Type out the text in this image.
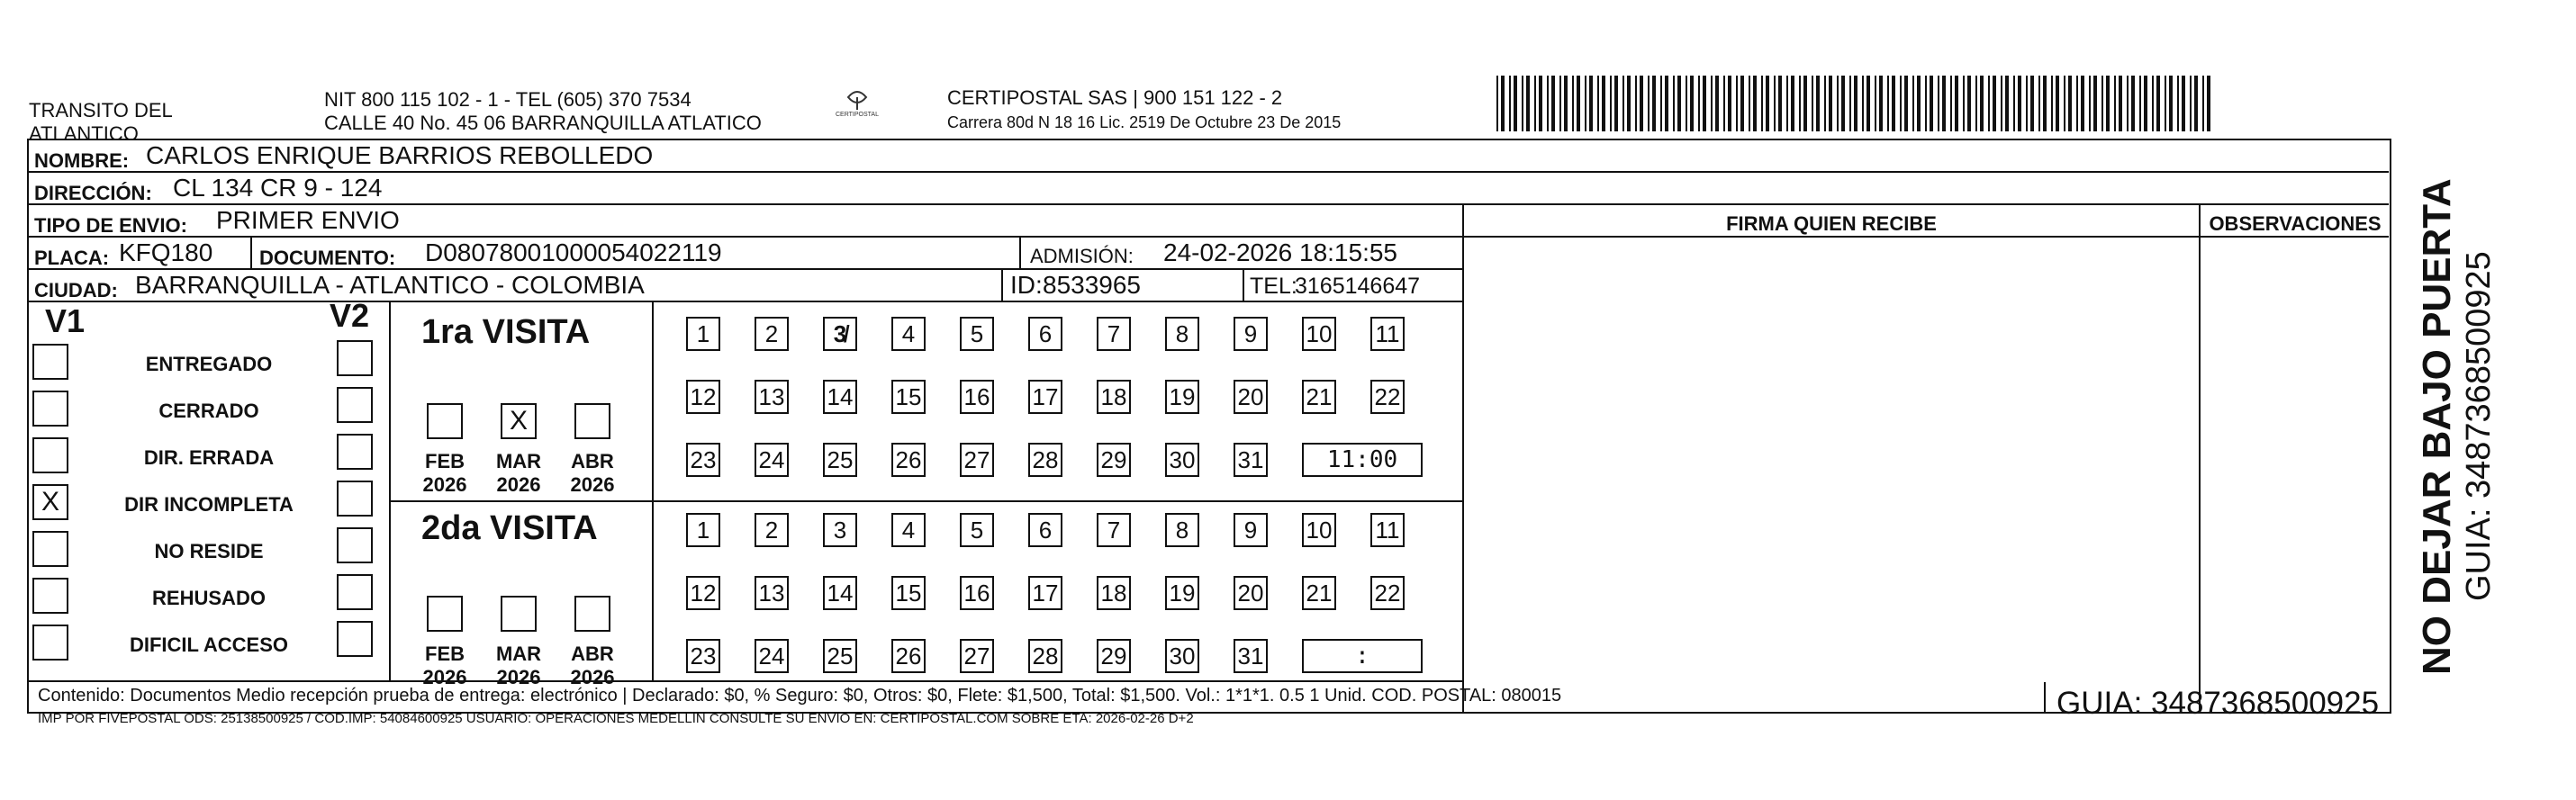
TRANSITO DEL
ATLANTICO
NIT 800 115 102 - 1 - TEL (605) 370 7534
CALLE 40 No. 45 06 BARRANQUILLA ATLATICO	CERTIPOSTAL
CERTIPOSTAL SAS | 900 151 122 - 2
Carrera 80d N 18 16 Lic. 2519 De Octubre 23 De 2015
NOMBRE: CARLOS ENRIQUE BARRIOS REBOLLEDO
DIRECCIÓN: CL 134 CR 9 - 124
TIPO DE ENVIO: PRIMER ENVIO
PLACA: KFQ180 DOCUMENTO: D08078001000054022119	ADMISIÓN: 24-02-2026 18:15:55
CIUDAD: BARRANQUILLA - ATLANTICO - COLOMBIA	ID: 8533965	TEL:
3165146647
FIRMA QUIEN RECIBE	OBSERVACIONES
V1	V2
ENTREGADO
CERRADO
DIR. ERRADA
X	DIR INCOMPLETA
NO RESIDE
REHUSADO
DIFICIL ACCESO
1ra VISITA
2da VISITA
FEB
2026
X
MAR
2026
ABR
2026
FEB
2026
MAR
2026
ABR
2026
1	2	3̸	4	5	6	7	8	9	10 11
12 13 14 15 16 17 18 19 20 21 22
23 24 25 26 27 28 29 30 31	11:00
1	2	3	4	5	6	7	8	9	10 11
12 13 14 15 16 17 18 19 20 21 22
23 24 25 26 27 28 29 30 31	:
Contenido: Documentos Medio recepción prueba de entrega: electrónico | Declarado: $0, % Seguro: $0, Otros: $0, Flete: $1,500, Total: $1,500. Vol.: 1*1*1. 0.5 1 Unid. COD. POSTAL: 080015
IMP POR FIVEPOSTAL ODS: 25138500925 / COD.IMP: 54084600925 USUARIO: OPERACIONES MEDELLIN CONSULTE SU ENVIO EN: CERTIPOSTAL.COM SOBRE ETA: 2026-02-26 D+2	GUIA: 3487368500925
NO DEJAR BAJO PUERTA GUIA: 3487368500925
